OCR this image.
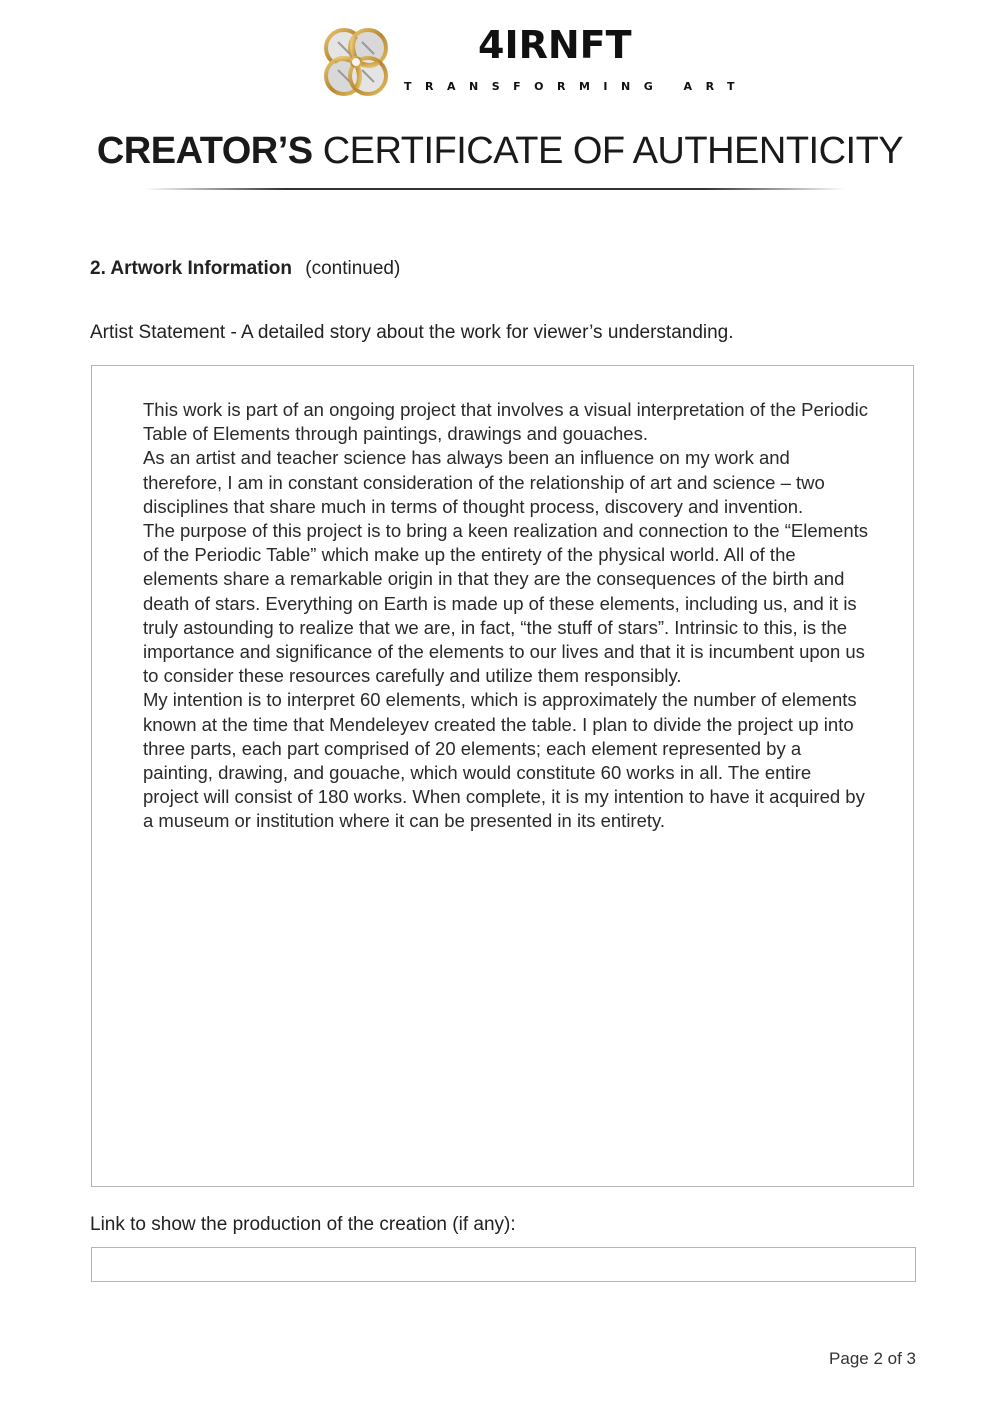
4IRNFT
TRANSFORMING ART
CREATOR’S CERTIFICATE OF AUTHENTICITY
2. Artwork Information (continued)
Artist Statement - A detailed story about the work for viewer’s understanding.

This work is part of an ongoing project that involves a visual interpretation of the Periodic Table of Elements through paintings, drawings and gouaches.

As an artist and teacher science has always been an influence on my work and therefore, I am in constant consideration of the relationship of art and science – two disciplines that share much in terms of thought process, discovery and invention.

The purpose of this project is to bring a keen realization and connection to the “Elements of the Periodic Table” which make up the entirety of the physical world. All of the elements share a remarkable origin in that they are the consequences of the birth and death of stars. Everything on Earth is made up of these elements, including us, and it is truly astounding to realize that we are, in fact, “the stuff of stars”. Intrinsic to this, is the importance and significance of the elements to our lives and that it is incumbent upon us to consider these resources carefully and utilize them responsibly.

My intention is to interpret 60 elements, which is approximately the number of elements known at the time that Mendeleyev created the table. I plan to divide the project up into three parts, each part comprised of 20 elements; each element represented by a painting, drawing, and gouache, which would constitute 60 works in all. The entire project will consist of 180 works. When complete, it is my intention to have it acquired by a museum or institution where it can be presented in its entirety.

Link to show the production of the creation (if any):
Page 2 of 3
